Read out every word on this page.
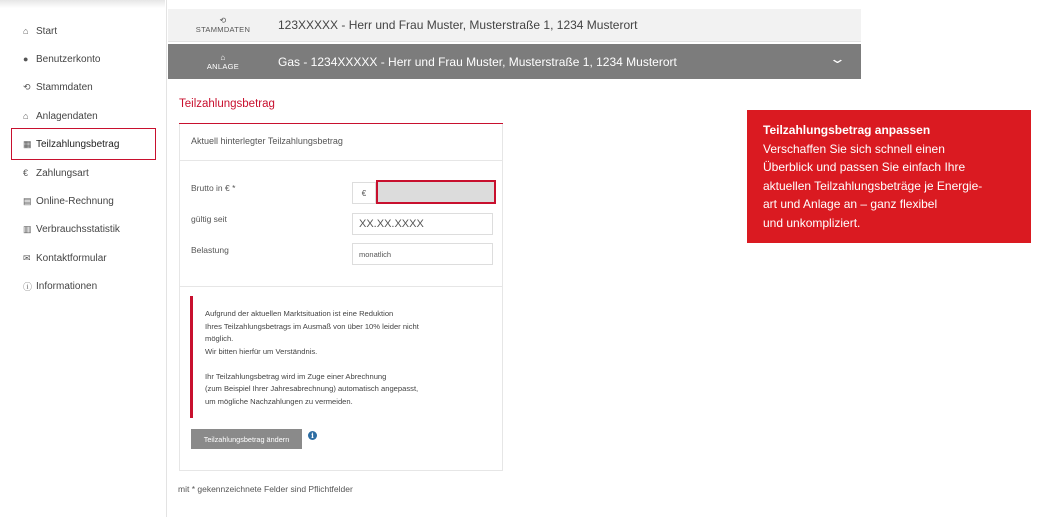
⌂ Start
● Benutzerkonto
⟲ Stammdaten
⌂ Anlagendaten
▦ Teilzahlungsbetrag
€ Zahlungsart
▤ Online-Rechnung
▥ Verbrauchsstatistik
✉ Kontaktformular
ⓘ Informationen
⟲
STAMMDATEN 123XXXXX - Herr und Frau Muster, Musterstraße 1, 1234 Musterort
⌂
ANLAGE	Gas - 1234XXXXX - Herr und Frau Muster, Musterstraße 1, 1234 Musterort	⌄
Teilzahlungsbetrag
Aktuell hinterlegter Teilzahlungsbetrag
Brutto in € *	€
gültig seit	XX.XX.XXXX
Belastung	monatlich

Aufgrund der aktuellen Marktsituation ist eine Reduktion

Ihres Teilzahlungsbetrags im Ausmaß von über 10% leider nicht

möglich.

Wir bitten hierfür um Verständnis.

Ihr Teilzahlungsbetrag wird im Zuge einer Abrechnung

(zum Beispiel Ihrer Jahresabrechnung) automatisch angepasst,

um mögliche Nachzahlungen zu vermeiden.

Teilzahlungsbetrag ändern	i
mit * gekennzeichnete Felder sind Pflichtfelder
Teilzahlungsbetrag anpassen
Verschaffen Sie sich schnell einen
Überblick und passen Sie einfach Ihre
aktuellen Teilzahlungsbeträge je Energie-
art und Anlage an – ganz flexibel
und unkompliziert.
